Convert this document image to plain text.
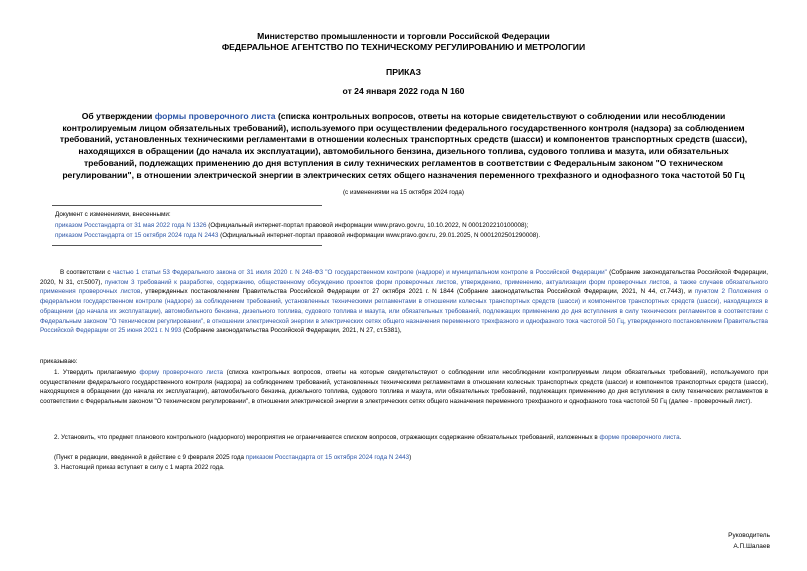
Министерство промышленности и торговли Российской Федерации
ФЕДЕРАЛЬНОЕ АГЕНТСТВО ПО ТЕХНИЧЕСКОМУ РЕГУЛИРОВАНИЮ И МЕТРОЛОГИИ
ПРИКАЗ
от 24 января 2022 года N 160
Об утверждении формы проверочного листа (списка контрольных вопросов, ответы на которые свидетельствуют о соблюдении или несоблюдении контролируемым лицом обязательных требований), используемого при осуществлении федерального государственного контроля (надзора) за соблюдением требований, установленных техническими регламентами в отношении колесных транспортных средств (шасси) и компонентов транспортных средств (шасси), находящихся в обращении (до начала их эксплуатации), автомобильного бензина, дизельного топлива, судового топлива и мазута, или обязательных требований, подлежащих применению до дня вступления в силу технических регламентов в соответствии с Федеральным законом "О техническом регулировании", в отношении электрической энергии в электрических сетях общего назначения переменного трехфазного и однофазного тока частотой 50 Гц
(с изменениями на 15 октября 2024 года)
Документ с изменениями, внесенными:
приказом Росстандарта от 31 мая 2022 года N 1326 (Официальный интернет-портал правовой информации www.pravo.gov.ru, 10.10.2022, N 0001202210100008);
приказом Росстандарта от 15 октября 2024 года N 2443 (Официальный интернет-портал правовой информации www.pravo.gov.ru, 29.01.2025, N 0001202501290008).
В соответствии с частью 1 статьи 53 Федерального закона от 31 июля 2020 г. N 248-ФЗ "О государственном контроле (надзоре) и муниципальном контроле в Российской Федерации" (Собрание законодательства Российской Федерации, 2020, N 31, ст.5007), пунктом 3 требований к разработке, содержанию, общественному обсуждению проектов форм проверочных листов, утверждению, применению, актуализации форм проверочных листов, а также случаев обязательного применения проверочных листов, утвержденных постановлением Правительства Российской Федерации от 27 октября 2021 г. N 1844 (Собрание законодательства Российской Федерации, 2021, N 44, ст.7443), и пунктом 2 Положения о федеральном государственном контроле (надзоре) за соблюдением требований, установленных техническими регламентами в отношении колесных транспортных средств (шасси) и компонентов транспортных средств (шасси), находящихся в обращении (до начала их эксплуатации), автомобильного бензина, дизельного топлива, судового топлива и мазута, или обязательных требований, подлежащих применению до дня вступления в силу технических регламентов в соответствии с Федеральным законом "О техническом регулировании", в отношении электрической энергии в электрических сетях общего назначения переменного трехфазного и однофазного тока частотой 50 Гц, утвержденного постановлением Правительства Российской Федерации от 25 июня 2021 г. N 993 (Собрание законодательства Российской Федерации, 2021, N 27, ст.5381),
приказываю:
1. Утвердить прилагаемую форму проверочного листа (списка контрольных вопросов, ответы на которые свидетельствуют о соблюдении или несоблюдении контролируемым лицом обязательных требований), используемого при осуществлении федерального государственного контроля (надзора) за соблюдением требований, установленных техническими регламентами в отношении колесных транспортных средств (шасси) и компонентов транспортных средств (шасси), находящихся в обращении (до начала их эксплуатации), автомобильного бензина, дизельного топлива, судового топлива и мазута, или обязательных требований, подлежащих применению до дня вступления в силу технических регламентов в соответствии с Федеральным законом "О техническом регулировании", в отношении электрической энергии в электрических сетях общего назначения переменного трехфазного и однофазного тока частотой 50 Гц (далее - проверочный лист).
2. Установить, что предмет планового контрольного (надзорного) мероприятия не ограничивается списком вопросов, отражающих содержание обязательных требований, изложенных в форме проверочного листа.
(Пункт в редакции, введенной в действие с 9 февраля 2025 года приказом Росстандарта от 15 октября 2024 года N 2443)
3. Настоящий приказ вступает в силу с 1 марта 2022 года.
Руководитель
А.П.Шалаев
